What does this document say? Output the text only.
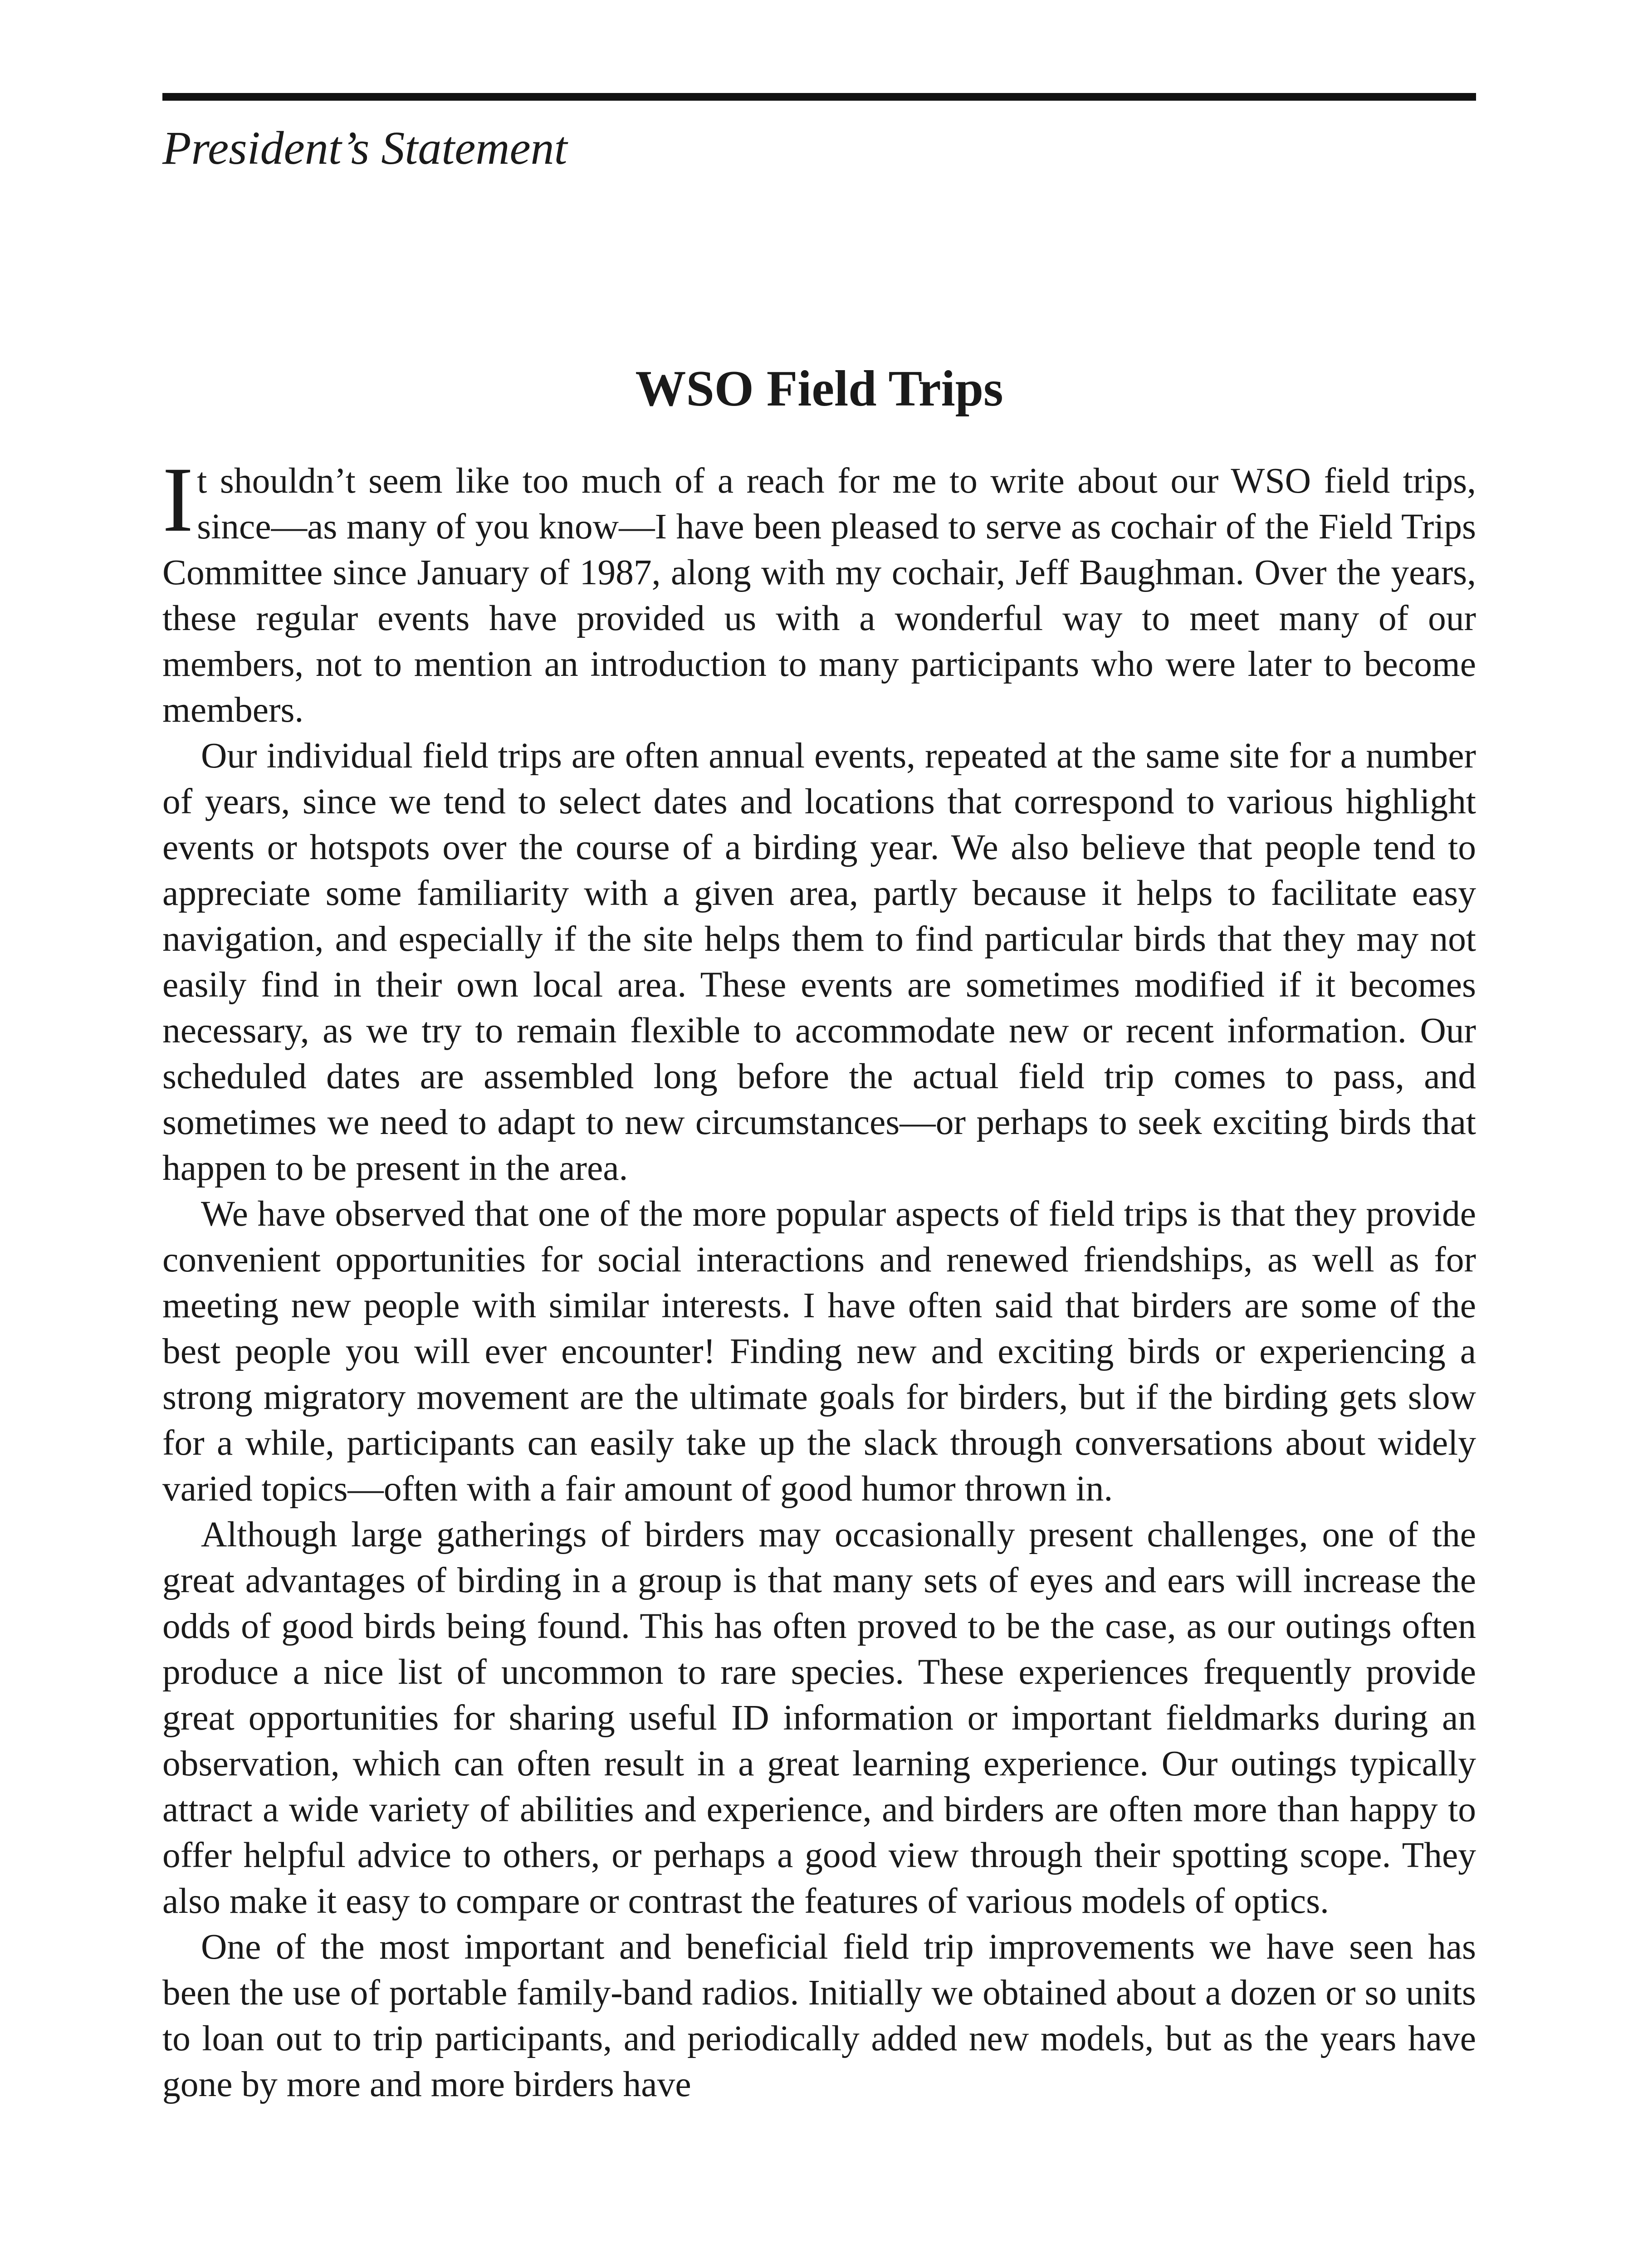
President’s Statement
WSO Field Trips

It shouldn’t seem like too much of a reach for me to write about our WSO field trips, since—as many of you know—I have been pleased to serve as cochair of the Field Trips Committee since January of 1987, along with my cochair, Jeff Baughman. Over the years, these regular events have provided us with a wonderful way to meet many of our members, not to mention an introduction to many participants who were later to become members.

Our individual field trips are often annual events, repeated at the same site for a number of years, since we tend to select dates and locations that correspond to various highlight events or hotspots over the course of a birding year. We also believe that people tend to appreciate some familiarity with a given area, partly because it helps to facilitate easy navigation, and especially if the site helps them to find particular birds that they may not easily find in their own local area. These events are sometimes modified if it becomes necessary, as we try to remain flexible to accommodate new or recent information. Our scheduled dates are assembled long before the actual field trip comes to pass, and sometimes we need to adapt to new circumstances—or perhaps to seek exciting birds that happen to be present in the area.

We have observed that one of the more popular aspects of field trips is that they provide convenient opportunities for social interactions and renewed friendships, as well as for meeting new people with similar interests. I have often said that birders are some of the best people you will ever encounter! Finding new and exciting birds or experiencing a strong migratory movement are the ultimate goals for birders, but if the birding gets slow for a while, participants can easily take up the slack through conversations about widely varied topics—often with a fair amount of good humor thrown in.

Although large gatherings of birders may occasionally present challenges, one of the great advantages of birding in a group is that many sets of eyes and ears will increase the odds of good birds being found. This has often proved to be the case, as our outings often produce a nice list of uncommon to rare species. These experiences frequently provide great opportunities for sharing useful ID information or important fieldmarks during an observation, which can often result in a great learning experience. Our outings typically attract a wide variety of abilities and experience, and birders are often more than happy to offer helpful advice to others, or perhaps a good view through their spotting scope. They also make it easy to compare or contrast the features of various models of optics.

One of the most important and beneficial field trip improvements we have seen has been the use of portable family-band radios. Initially we obtained about a dozen or so units to loan out to trip participants, and periodically added new models, but as the years have gone by more and more birders have
